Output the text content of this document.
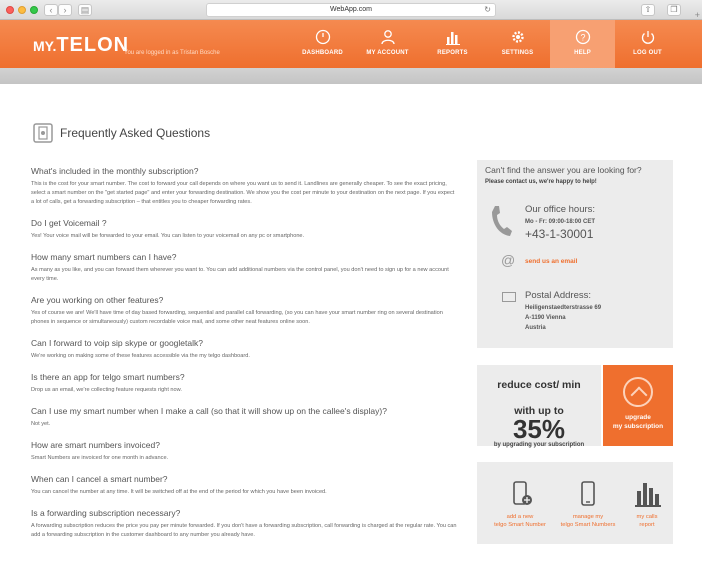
‹	›	▤	WebApp.com	↻	⇧	❐
+
MY.TELON
You are logged in as Tristan Bosche	DASHBOARD	MY ACCOUNT	REPORTS	SETTINGS
?
HELP	LOG OUT
Frequently Asked Questions
What's included in the monthly subscription?
This is the cost for your smart number. The cost to forward your call depends on where you want us to send it. Landlines are generally cheaper. To see the exact pricing, select a smart number on the "get started page" and enter your forwarding destination. We show you the cost per minute to your destination on the next page. If you expect a lot of calls, get a forwarding subscription – that entitles you to cheaper forwarding rates.
Do I get Voicemail ?
Yes! Your voice mail will be forwarded to your email. You can listen to your voicemail on any pc or smartphone.
How many smart numbers can I have?
As many as you like, and you can forward them wherever you want to. You can add additional numbers via the control panel, you don't need to sign up for a new account every time.
Are you working on other features?
Yes of course we are! We'll have time of day based forwarding, sequential and parallel call forwarding, (so you can have your smart number ring on several destination phones in sequence or simultaneously) custom recordable voice mail, and some other neat features online soon.
Can I forward to voip sip skype or googletalk?
We're working on making some of these features accessible via the my telgo dashboard.
Is there an app for telgo smart numbers?
Drop us an email, we're collecting feature requests right now.
Can I use my smart number when I make a call (so that it will show up on the callee's display)?
Not yet.
How are smart numbers invoiced?
Smart Numbers are invoiced for one month in advance.
When can I cancel a smart number?
You can cancel the number at any time. It will be switched off at the end of the period for which you have been invoiced.
Is a forwarding subscription necessary?
A forwarding subscription reduces the price you pay per minute forwarded. If you don't have a forwarding subscription, call forwarding is charged at the regular rate. You can add a forwarding subscription in the customer dashboard to any number you already have.
Can't find the answer you are looking for?
Please contact us, we're happy to help!
Our office hours:
Mo - Fr: 09:00-18:00 CET
+43-1-30001
@ send us an email
Postal Address:
Heiligenstaedterstrasse 69
A-1190 Vienna
Austria
reduce cost/ min
with up to
35%
by upgrading your subscription
upgrade
my subscription
add a new
telgo Smart Number
manage my
telgo Smart Numbers
my calls
report
